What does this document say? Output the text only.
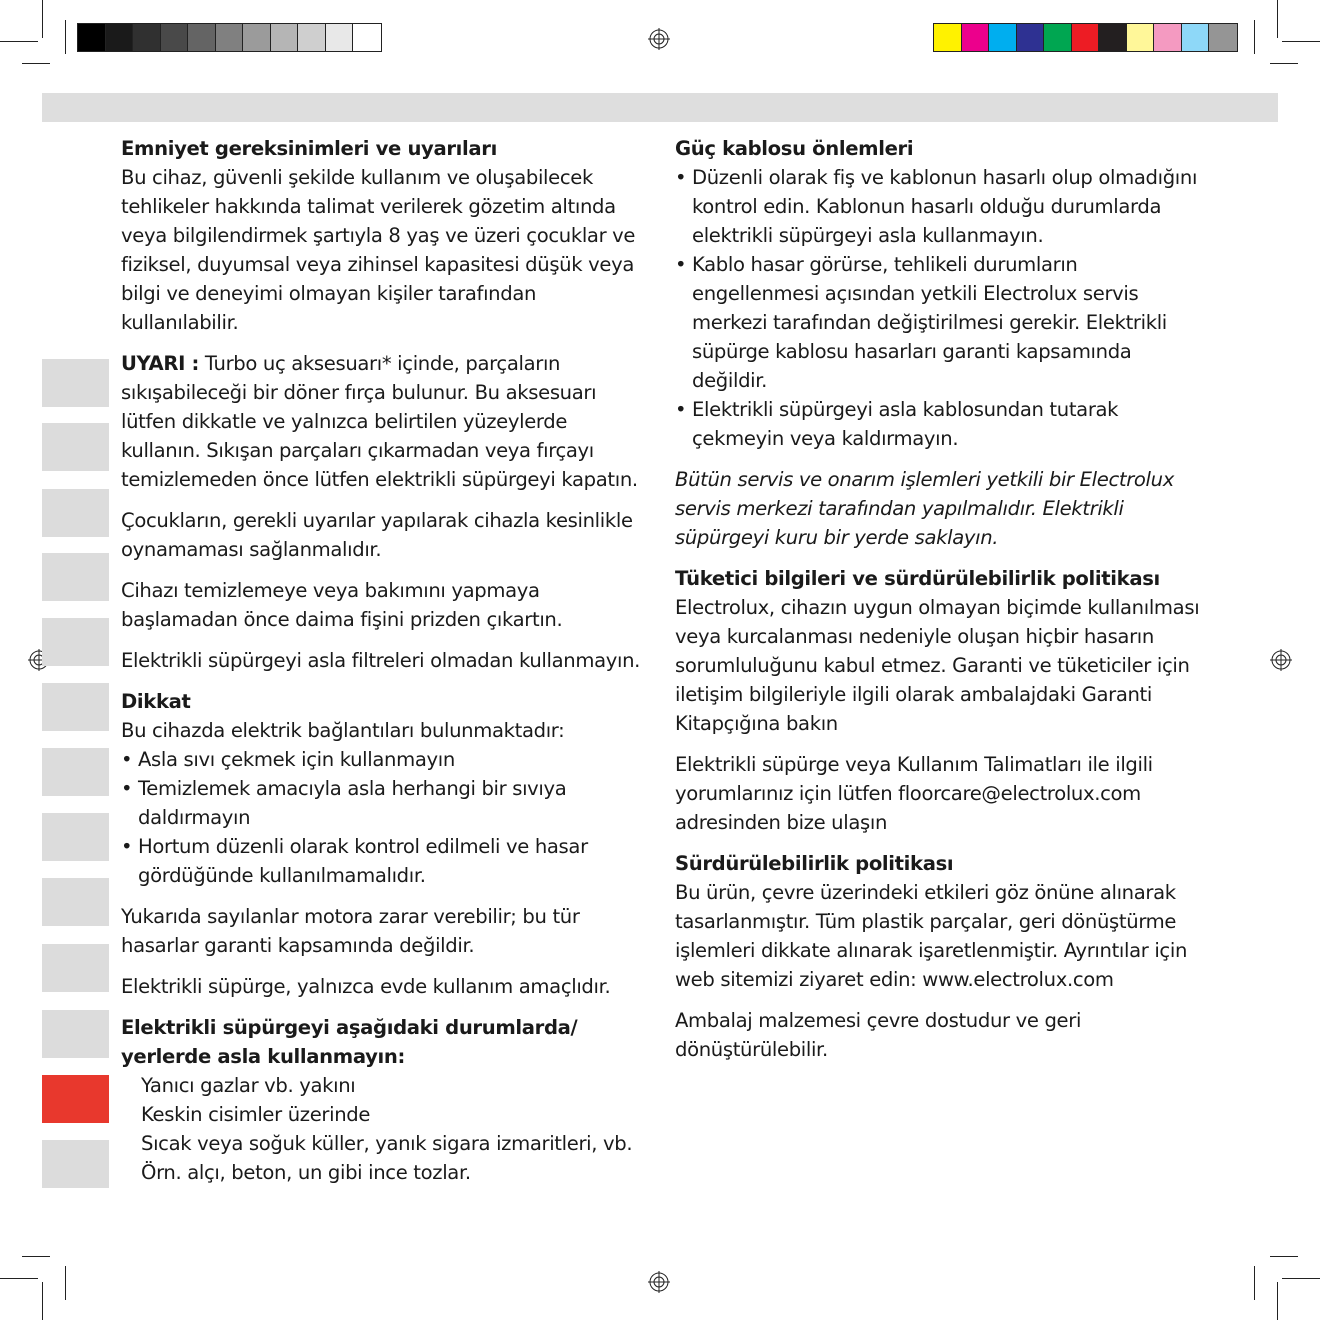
Emniyet gereksinimleri ve uyarıları

Bu cihaz, güvenli şekilde kullanım ve oluşabilecek tehlikeler hakkında talimat verilerek gözetim altında veya bilgilendirmek şartıyla 8 yaş ve üzeri çocuklar ve fiziksel, duyumsal veya zihinsel kapasitesi düşük veya bilgi ve deneyimi olmayan kişiler tarafından kullanılabilir.

UYARI : Turbo uç aksesuarı* içinde, parçaların sıkışabileceği bir döner fırça bulunur. Bu aksesuarı lütfen dikkatle ve yalnızca belirtilen yüzeylerde kullanın. Sıkışan parçaları çıkarmadan veya fırçayı temizlemeden önce lütfen elektrikli süpürgeyi kapatın.

Çocukların, gerekli uyarılar yapılarak cihazla kesinlikle oynamaması sağlanmalıdır.

Cihazı temizlemeye veya bakımını yapmaya başlamadan önce daima fişini prizden çıkartın.

Elektrikli süpürgeyi asla filtreleri olmadan kullanmayın.

Dikkat
Bu cihazda elektrik bağlantıları bulunmaktadır:
• Asla sıvı çekmek için kullanmayın
• Temizlemek amacıyla asla herhangi bir sıvıya daldırmayın
• Hortum düzenli olarak kontrol edilmeli ve hasar gördüğünde kullanılmamalıdır.

Yukarıda sayılanlar motora zarar verebilir; bu tür hasarlar garanti kapsamında değildir.

Elektrikli süpürge, yalnızca evde kullanım amaçlıdır.

Elektrikli süpürgeyi aşağıdaki durumlarda/ yerlerde asla kullanmayın:
Yanıcı gazlar vb. yakını
Keskin cisimler üzerinde
Sıcak veya soğuk küller, yanık sigara izmaritleri, vb.
Örn. alçı, beton, un gibi ince tozlar.
Güç kablosu önlemleri
• Düzenli olarak fiş ve kablonun hasarlı olup olmadığını kontrol edin. Kablonun hasarlı olduğu durumlarda elektrikli süpürgeyi asla kullanmayın.
• Kablo hasar görürse, tehlikeli durumların engellenmesi açısından yetkili Electrolux servis merkezi tarafından değiştirilmesi gerekir. Elektrikli süpürge kablosu hasarları garanti kapsamında değildir.
• Elektrikli süpürgeyi asla kablosundan tutarak çekmeyin veya kaldırmayın.

Bütün servis ve onarım işlemleri yetkili bir Electrolux servis merkezi tarafından yapılmalıdır. Elektrikli süpürgeyi kuru bir yerde saklayın.

Tüketici bilgileri ve sürdürülebilirlik politikası

Electrolux, cihazın uygun olmayan biçimde kullanılması veya kurcalanması nedeniyle oluşan hiçbir hasarın sorumluluğunu kabul etmez. Garanti ve tüketiciler için iletişim bilgileriyle ilgili olarak ambalajdaki Garanti Kitapçığına bakın

Elektrikli süpürge veya Kullanım Talimatları ile ilgili yorumlarınız için lütfen floorcare@electrolux.com adresinden bize ulaşın

Sürdürülebilirlik politikası

Bu ürün, çevre üzerindeki etkileri göz önüne alınarak tasarlanmıştır. Tüm plastik parçalar, geri dönüştürme işlemleri dikkate alınarak işaretlenmiştir. Ayrıntılar için web sitemizi ziyaret edin: www.electrolux.com

Ambalaj malzemesi çevre dostudur ve geri dönüştürülebilir.
